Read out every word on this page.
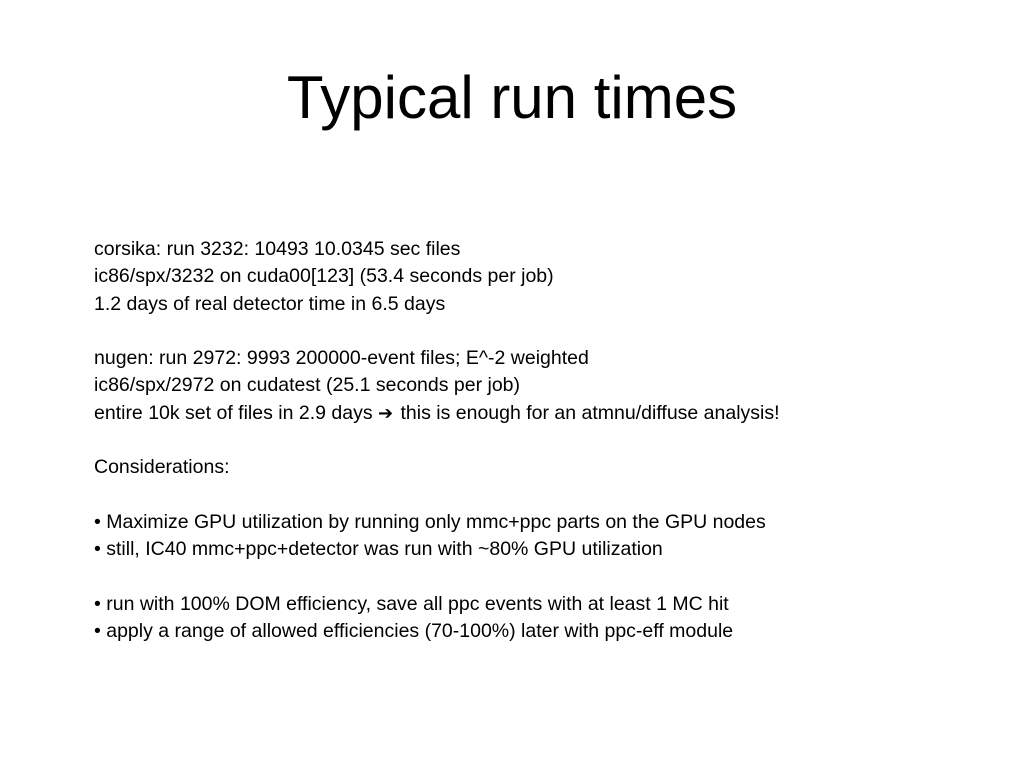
Typical run times
corsika: run 3232: 10493 10.0345 sec files
ic86/spx/3232 on cuda00[123] (53.4 seconds per job)
1.2 days of real detector time in 6.5 days
nugen: run 2972: 9993 200000-event files; E^-2 weighted
ic86/spx/2972 on cudatest (25.1 seconds per job)
entire 10k set of files in 2.9 days ➔ this is enough for an atmnu/diffuse analysis!
Considerations:
• Maximize GPU utilization by running only mmc+ppc parts on the GPU nodes
• still, IC40 mmc+ppc+detector was run with ~80% GPU utilization
• run with 100% DOM efficiency, save all ppc events with at least 1 MC hit
• apply a range of allowed efficiencies (70-100%) later with ppc-eff module
